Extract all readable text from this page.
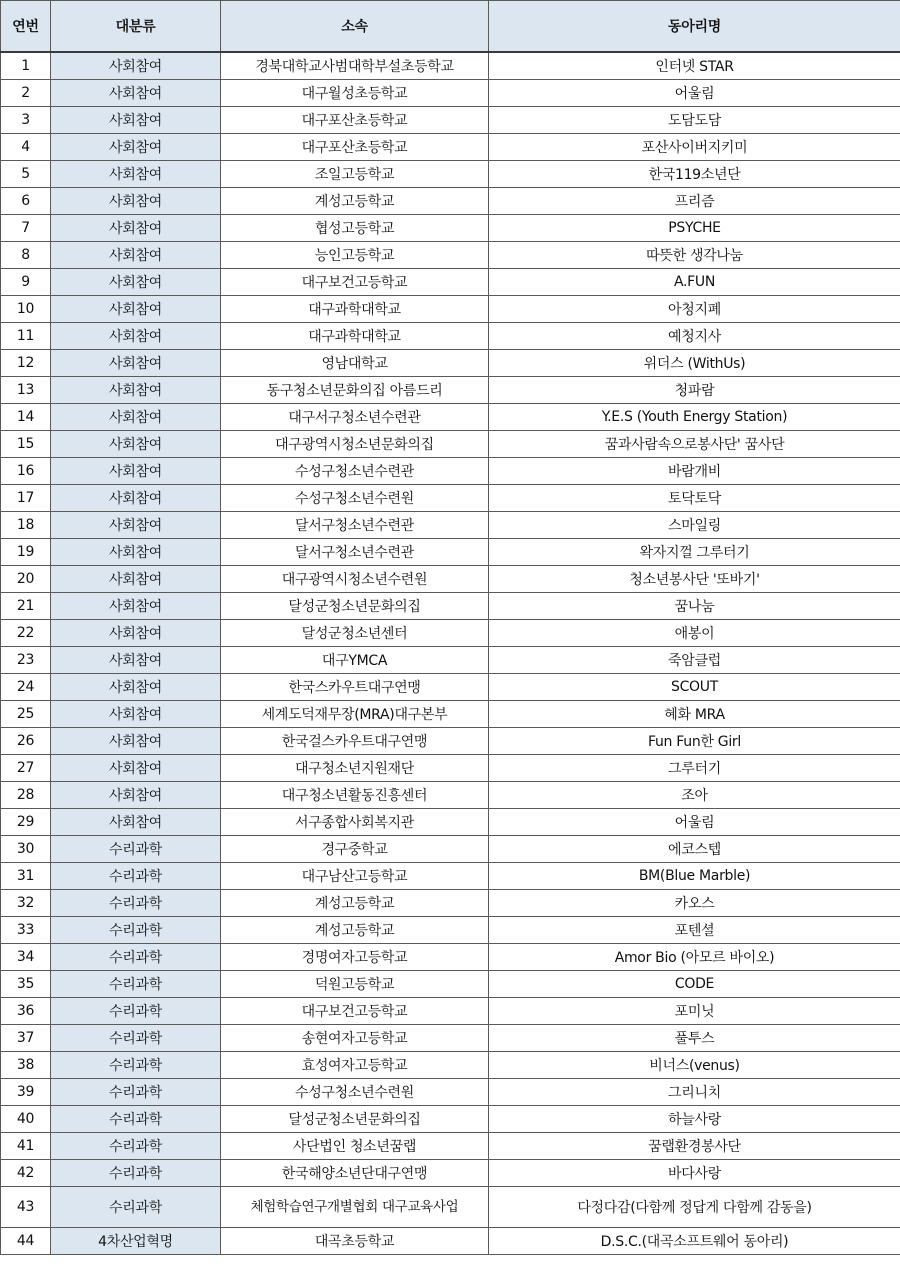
연번	대분류	소속	동아리명
1	사회참여	경북대학교사범대학부설초등학교	인터넷 STAR
2	사회참여	대구월성초등학교	어울림
3	사회참여	대구포산초등학교	도담도담
4	사회참여	대구포산초등학교	포산사이버지키미
5	사회참여	조일고등학교	한국119소년단
6	사회참여	계성고등학교	프리즘
7	사회참여	협성고등학교	PSYCHE
8	사회참여	능인고등학교	따뜻한 생각나눔
9	사회참여	대구보건고등학교	A.FUN
10	사회참여	대구과학대학교	아청지폐
11	사회참여	대구과학대학교	예청지사
12	사회참여	영남대학교	위더스 (WithUs)
13	사회참여	동구청소년문화의집 아름드리	청파람
14	사회참여	대구서구청소년수련관	Y.E.S (Youth Energy Station)
15	사회참여	대구광역시청소년문화의집	꿈과사람속으로봉사단' 꿈사단
16	사회참여	수성구청소년수련관	바람개비
17	사회참여	수성구청소년수련원	토닥토닥
18	사회참여	달서구청소년수련관	스마일링
19	사회참여	달서구청소년수련관	왁자지껄 그루터기
20	사회참여	대구광역시청소년수련원	청소년봉사단 '또바기'
21	사회참여	달성군청소년문화의집	꿈나눔
22	사회참여	달성군청소년센터	애봉이
23	사회참여	대구YMCA	죽암클럽
24	사회참여	한국스카우트대구연맹	SCOUT
25	사회참여	세계도덕재무장(MRA)대구본부	혜화 MRA
26	사회참여	한국걸스카우트대구연맹	Fun Fun한 Girl
27	사회참여	대구청소년지원재단	그루터기
28	사회참여	대구청소년활동진흥센터	조아
29	사회참여	서구종합사회복지관	어울림
30	수리과학	경구중학교	에코스텝
31	수리과학	대구남산고등학교	BM(Blue Marble)
32	수리과학	계성고등학교	카오스
33	수리과학	계성고등학교	포텐셜
34	수리과학	경명여자고등학교	Amor Bio (아모르 바이오)
35	수리과학	덕원고등학교	CODE
36	수리과학	대구보건고등학교	포미닛
37	수리과학	송현여자고등학교	풀투스
38	수리과학	효성여자고등학교	비너스(venus)
39	수리과학	수성구청소년수련원	그리니치
40	수리과학	달성군청소년문화의집	하늘사랑
41	수리과학	사단법인 청소년꿈랩	꿈랩환경봉사단
42	수리과학	한국해양소년단대구연맹	바다사랑
43	수리과학	체험학습연구개별협회 대구교육사업	다정다감(다함께 정답게 다함께 감동을)
44	4차산업혁명	대곡초등학교	D.S.C.(대곡소프트웨어 동아리)
